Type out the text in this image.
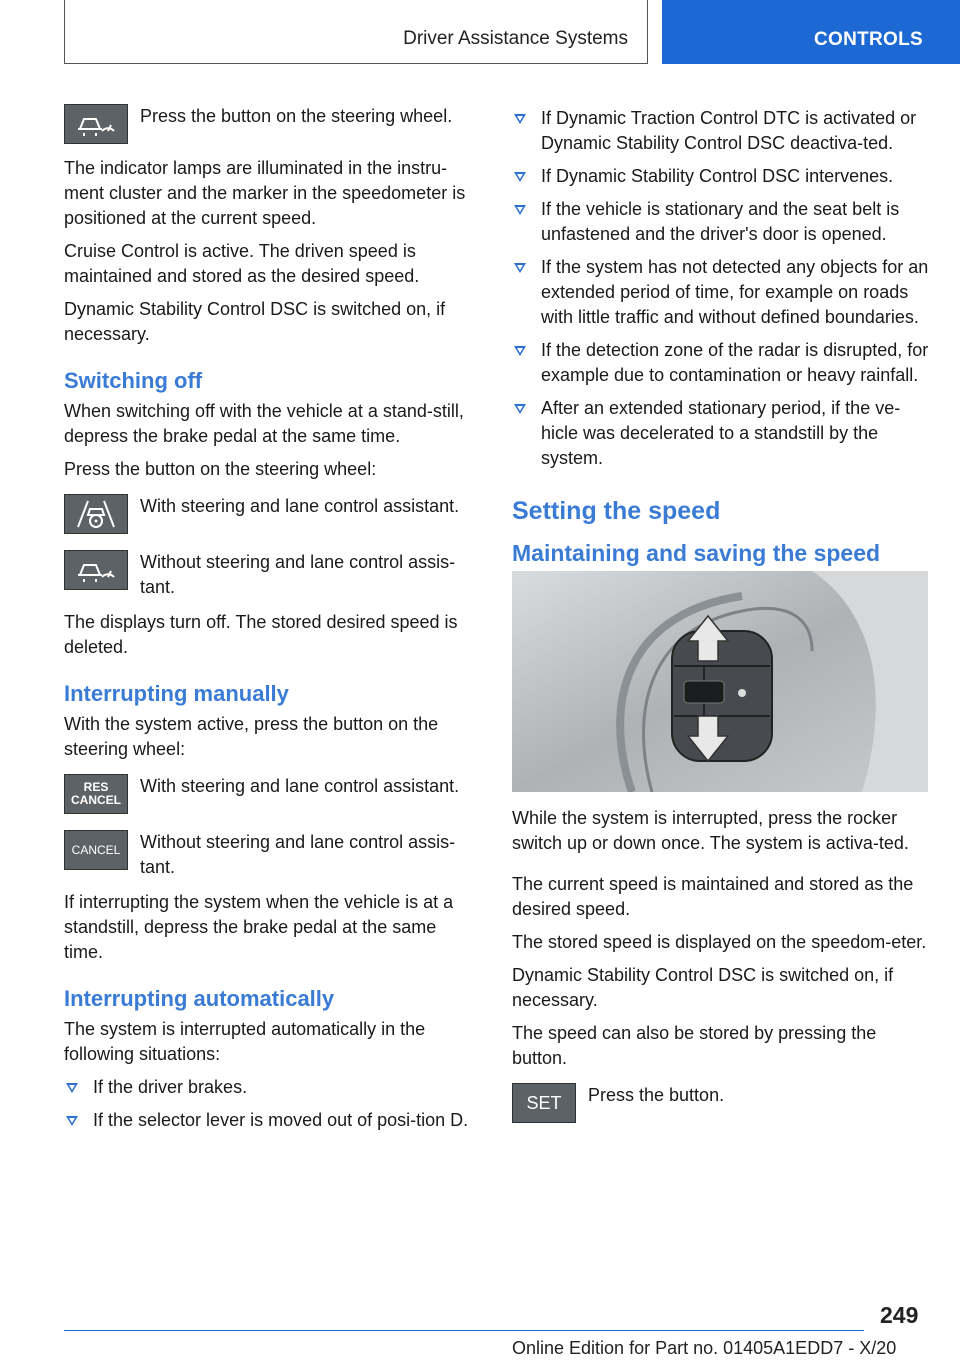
Driver Assistance Systems	CONTROLS
Press the button on the steering wheel.

The indicator lamps are illuminated in the instru-ment cluster and the marker in the speedometer is positioned at the current speed.

Cruise Control is active. The driven speed is maintained and stored as the desired speed.

Dynamic Stability Control DSC is switched on, if necessary.

Switching off

When switching off with the vehicle at a stand-still, depress the brake pedal at the same time.

Press the button on the steering wheel:

With steering and lane control assistant.
Without steering and lane control assis-tant.

The displays turn off. The stored desired speed is deleted.

Interrupting manually

With the system active, press the button on the steering wheel:

RES
CANCEL
With steering and lane control assistant.
CANCEL Without steering and lane control assis-tant.

If interrupting the system when the vehicle is at a standstill, depress the brake pedal at the same time.

Interrupting automatically

The system is interrupted automatically in the following situations:

If the driver brakes.
If the selector lever is moved out of posi-tion D.
If Dynamic Traction Control DTC is activated or Dynamic Stability Control DSC deactiva-ted.
If Dynamic Stability Control DSC intervenes.
If the vehicle is stationary and the seat belt is unfastened and the driver's door is opened.
If the system has not detected any objects for an extended period of time, for example on roads with little traffic and without defined boundaries.
If the detection zone of the radar is disrupted, for example due to contamination or heavy rainfall.
After an extended stationary period, if the ve-hicle was decelerated to a standstill by the system.
Setting the speed
Maintaining and saving the speed

While the system is interrupted, press the rocker switch up or down once. The system is activa-ted.

The current speed is maintained and stored as the desired speed.

The stored speed is displayed on the speedom-eter.

Dynamic Stability Control DSC is switched on, if necessary.

The speed can also be stored by pressing the button.

SET Press the button.
249
Online Edition for Part no. 01405A1EDD7 - X/20
